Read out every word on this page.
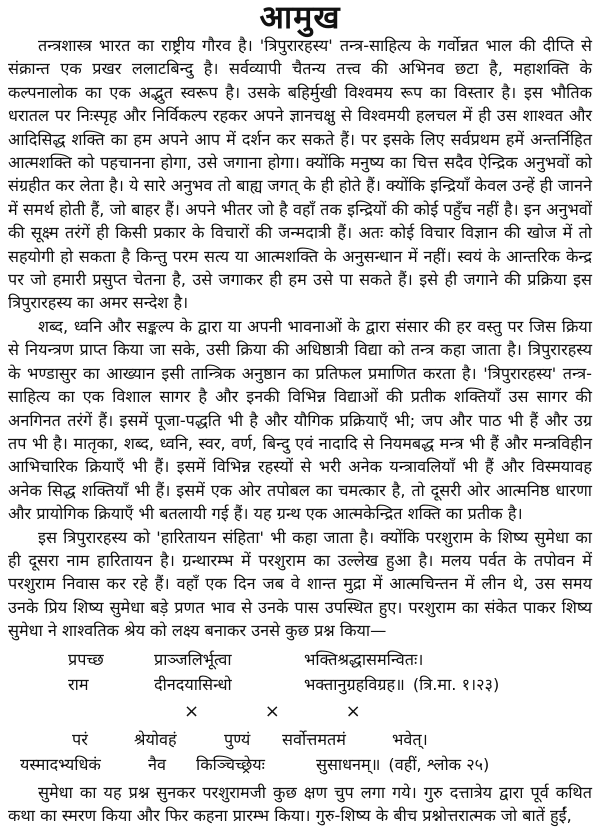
आमुख

तन्त्रशास्त्र भारत का राष्ट्रीय गौरव है। 'त्रिपुरारहस्य' तन्त्र-साहित्य के गर्वोन्नत भाल की दीप्ति से संक्रान्त एक प्रखर ललाटबिन्दु है। सर्वव्यापी चैतन्य तत्त्व की अभिनव छटा है, महाशक्ति के कल्पनालोक का एक अद्भुत स्वरूप है। उसके बहिर्मुखी विश्वमय रूप का विस्तार है। इस भौतिक धरातल पर निःस्पृह और निर्विकल्प रहकर अपने ज्ञानचक्षु से विश्वमयी हलचल में ही उस शाश्वत और आदिसिद्ध शक्ति का हम अपने आप में दर्शन कर सकते हैं। पर इसके लिए सर्वप्रथम हमें अन्तर्निहित आत्मशक्ति को पहचानना होगा, उसे जगाना होगा। क्योंकि मनुष्य का चित्त सदैव ऐन्द्रिक अनुभवों को संग्रहीत कर लेता है। ये सारे अनुभव तो बाह्य जगत् के ही होते हैं। क्योंकि इन्द्रियाँ केवल उन्हें ही जानने में समर्थ होती हैं, जो बाहर हैं। अपने भीतर जो है वहाँ तक इन्द्रियों की कोई पहुँच नहीं है। इन अनुभवों की सूक्ष्म तरंगें ही किसी प्रकार के विचारों की जन्मदात्री हैं। अतः कोई विचार विज्ञान की खोज में तो सहयोगी हो सकता है किन्तु परम सत्य या आत्मशक्ति के अनुसन्धान में नहीं। स्वयं के आन्तरिक केन्द्र पर जो हमारी प्रसुप्त चेतना है, उसे जगाकर ही हम उसे पा सकते हैं। इसे ही जगाने की प्रक्रिया इस त्रिपुरारहस्य का अमर सन्देश है।

शब्द, ध्वनि और सङ्कल्प के द्वारा या अपनी भावनाओं के द्वारा संसार की हर वस्तु पर जिस क्रिया से नियन्त्रण प्राप्त किया जा सके, उसी क्रिया की अधिष्ठात्री विद्या को तन्त्र कहा जाता है। त्रिपुरारहस्य के भण्डासुर का आख्यान इसी तान्त्रिक अनुष्ठान का प्रतिफल प्रमाणित करता है। 'त्रिपुरारहस्य' तन्त्र-साहित्य का एक विशाल सागर है और इनकी विभिन्न विद्याओं की प्रतीक शक्तियाँ उस सागर की अनगिनत तरंगें हैं। इसमें पूजा-पद्धति भी है और यौगिक प्रक्रियाएँ भी; जप और पाठ भी हैं और उग्र तप भी है। मातृका, शब्द, ध्वनि, स्वर, वर्ण, बिन्दु एवं नादादि से नियमबद्ध मन्त्र भी हैं और मन्त्रविहीन आभिचारिक क्रियाएँ भी हैं। इसमें विभिन्न रहस्यों से भरी अनेक यन्त्रावलियाँ भी हैं और विस्मयावह अनेक सिद्ध शक्तियाँ भी हैं। इसमें एक ओर तपोबल का चमत्कार है, तो दूसरी ओर आत्मनिष्ठ धारणा और प्रायोगिक क्रियाएँ भी बतलायी गई हैं। यह ग्रन्थ एक आत्मकेन्द्रित शक्ति का प्रतीक है।

इस त्रिपुरारहस्य को 'हारितायन संहिता' भी कहा जाता है। क्योंकि परशुराम के शिष्य सुमेधा का ही दूसरा नाम हारितायन है। ग्रन्थारम्भ में परशुराम का उल्लेख हुआ है। मलय पर्वत के तपोवन में परशुराम निवास कर रहे हैं। वहाँ एक दिन जब वे शान्त मुद्रा में आत्मचिन्तन में लीन थे, उस समय उनके प्रिय शिष्य सुमेधा बड़े प्रणत भाव से उनके पास उपस्थित हुए। परशुराम का संकेत पाकर शिष्य सुमेधा ने शाश्वतिक श्रेय को लक्ष्य बनाकर उनसे कुछ प्रश्न किया—

प्रपच्छ	प्राञ्जलिर्भूत्वा	भक्तिश्रद्धासमन्वितः।
राम	दीनदयासिन्धो	भक्तानुग्रहविग्रह॥ (त्रि.मा. १।२३)
× × ×
परं	श्रेयोवहं	पुण्यं	सर्वोत्तमतमं	भवेत्।
यस्मादभ्यधिकं	नैव	किञ्चिच्छ्रेयः	सुसाधनम्॥ (वहीं, श्लोक २५)

सुमेधा का यह प्रश्न सुनकर परशुरामजी कुछ क्षण चुप लगा गये। गुरु दत्तात्रेय द्वारा पूर्व कथित कथा का स्मरण किया और फिर कहना प्रारम्भ किया। गुरु-शिष्य के बीच प्रश्नोत्तरात्मक जो बातें हुईं,
